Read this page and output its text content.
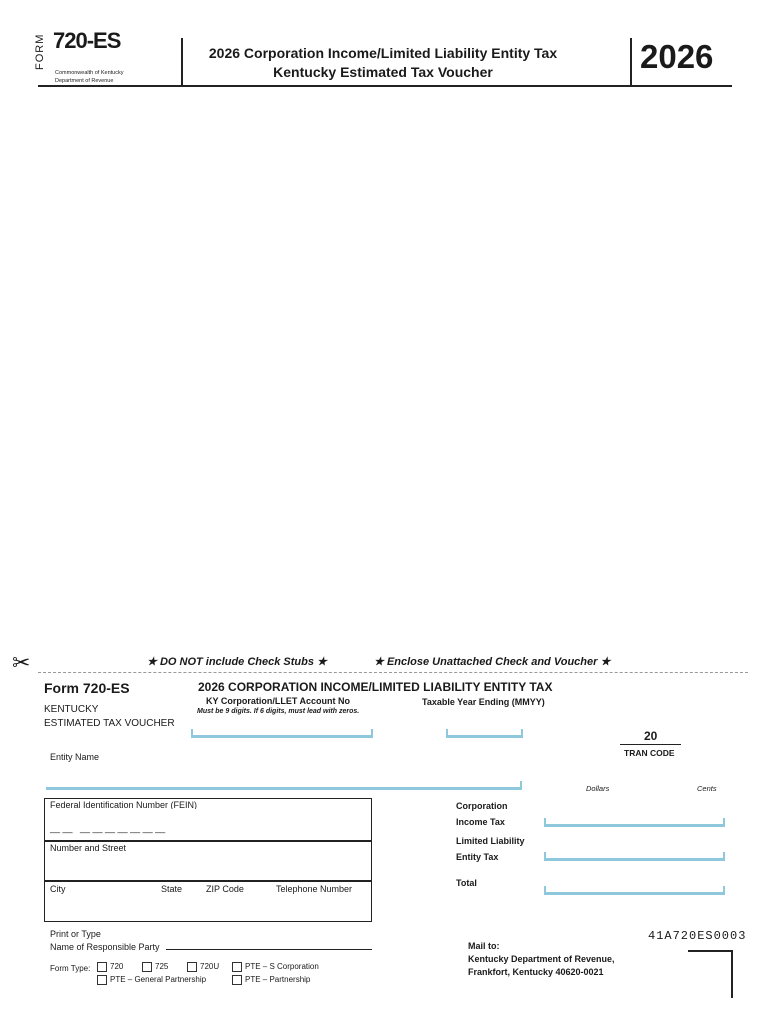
FORM 720-ES
Commonwealth of Kentucky
Department of Revenue
2026 Corporation Income/Limited Liability Entity Tax
Kentucky Estimated Tax Voucher	2026
✂	★ DO NOT include Check Stubs ★	★ Enclose Unattached Check and Voucher ★
Form 720-ES
KENTUCKY
ESTIMATED TAX VOUCHER
2026 CORPORATION INCOME/LIMITED LIABILITY ENTITY TAX
KY Corporation/LLET Account No
Must be 9 digits. If 6 digits, must lead with zeros.
Taxable Year Ending (MMYY)
20
TRAN CODE
Entity Name
Dollars	Cents
Federal Identification Number (FEIN)
__ __   __ __ __ __ __ __ __
Number and Street
City	State	ZIP Code	Telephone Number
Corporation
Income Tax
Limited Liability
Entity Tax
Total
Print or Type
Name of Responsible Party
Form Type:	720	725	720U	PTE – S Corporation
PTE – General Partnership	PTE – Partnership
41A720ES0003
Mail to:
Kentucky Department of Revenue,
Frankfort, Kentucky 40620-0021
